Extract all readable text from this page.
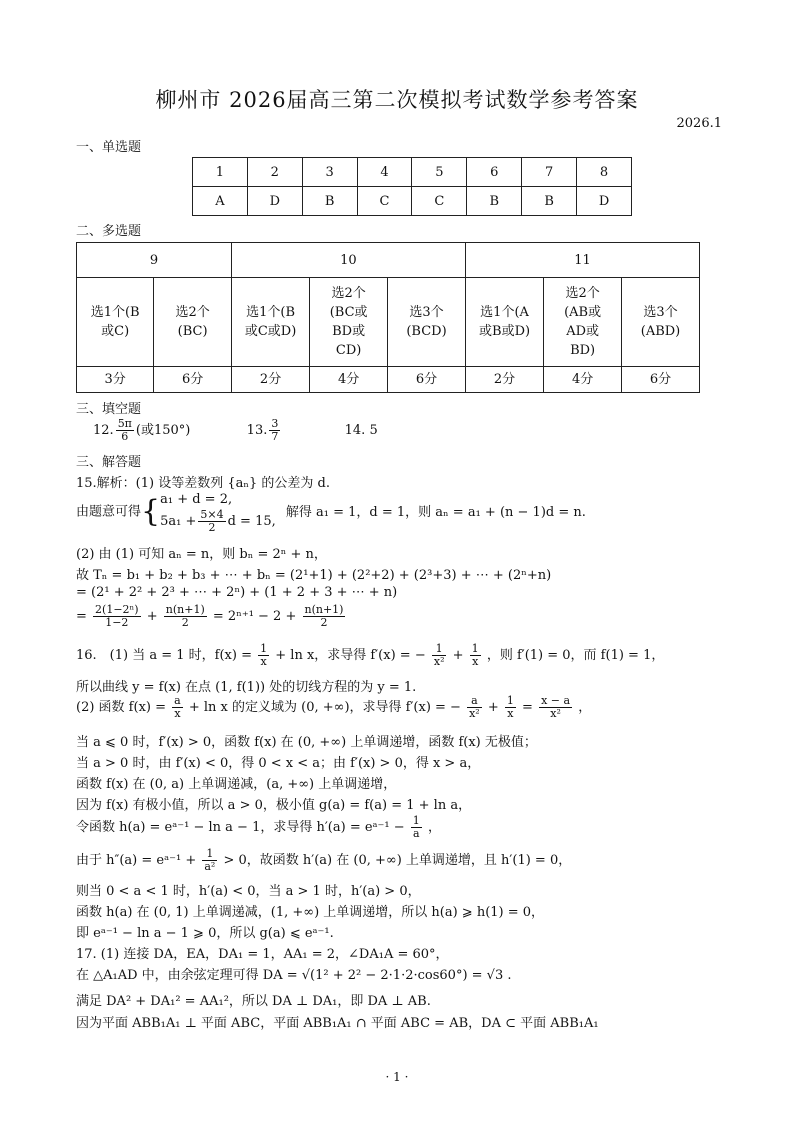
柳州市 2026届高三第二次模拟考试数学参考答案
2026.1
一、单选题
1	2	3	4	5	6	7	8
A	D	B	C	C	B	B	D
二、多选题
9		10			11		

选1个(B或C)	选2个(BC)	选1个(B或C或D)	选2个(BC或BD或CD)	选3个(BCD)	选1个(A或B或D)	选2个(AB或AD或BD)	选3个(ABD)

3分	6分	2分	4分	6分	2分	4分	6分
三、填空题
12. $\frac{5\pi}{6}$ (或150°)	13. $\frac{3}{7}$	14. 5
三、解答题
15.解析：(1) 设等差数列 {aₙ} 的公差为 d.
由题意可得{ a₁ + d = 2,
$5a_1 + \frac{5\times 4}{2}$ d = 15,
解得 a₁ = 1，d = 1，则 aₙ = a₁ + (n − 1)d = n.
(2) 由 (1) 可知 aₙ = n，则 bₙ = 2ⁿ + n，
故 Tₙ = b₁ + b₂ + b₃ + ⋯ + bₙ = (2¹+1) + (2²+2) + (2³+3) + ⋯ + (2ⁿ+n)
= (2¹ + 2² + 2³ + ⋯ + 2ⁿ) + (1 + 2 + 3 + ⋯ + n)
= $\frac{\text{2(1−2ⁿ)}}{1-2} + \frac{n(n+1)}{2} = 2^{n+1} - 2 + \frac{n(n+1)}{2}$
16.　(1) 当 a = 1 时，$f(x) = \frac{1}{x} + \ln x$，求导得 f′(x) = − $\frac{1}{\text{x²}} + \frac{1}{x}$ ，则 f′(1) = 0，而 f(1) = 1，
所以曲线 y = f(x) 在点 (1, f(1)) 处的切线方程的为 y = 1.
(2) 函数 $f(x) = \frac{a}{x} + \ln x$ 的定义域为 (0, +∞)，求导得 f′(x) = − $\frac{a}{\text{x²}} + \frac{1}{x} = \frac{x - a}{\text{x²}}$ ，
当 a ⩽ 0 时，f′(x) > 0，函数 f(x) 在 (0, +∞) 上单调递增，函数 f(x) 无极值；
当 a > 0 时，由 f′(x) < 0，得 0 < x < a；由 f′(x) > 0，得 x > a，
函数 f(x) 在 (0, a) 上单调递减，(a, +∞) 上单调递增，
因为 f(x) 有极小值，所以 a > 0，极小值 g(a) = f(a) = 1 + ln a，
令函数 h(a) = eᵃ⁻¹ − ln a − 1，求导得 h′(a) = eᵃ⁻¹ − $\frac{1}{a}$ ，
由于 h″(a) = eᵃ⁻¹ + $\frac{1}{\text{a²}} > 0$，故函数 h′(a) 在 (0, +∞) 上单调递增，且 h′(1) = 0，
则当 0 < a < 1 时，h′(a) < 0，当 a > 1 时，h′(a) > 0，
函数 h(a) 在 (0, 1) 上单调递减，(1, +∞) 上单调递增，所以 h(a) ⩾ h(1) = 0，
即 eᵃ⁻¹ − ln a − 1 ⩾ 0，所以 g(a) ⩽ eᵃ⁻¹.
17. (1) 连接 DA，EA，DA₁ = 1，AA₁ = 2，∠DA₁A = 60°，
在 △A₁AD 中，由余弦定理可得 DA = √(1² + 2² − 2·1·2·cos60°) = √3 .
满足 DA² + DA₁² = AA₁²，所以 DA ⊥ DA₁，即 DA ⊥ AB.
因为平面 ABB₁A₁ ⊥ 平面 ABC，平面 ABB₁A₁ ∩ 平面 ABC = AB，DA ⊂ 平面 ABB₁A₁
· 1 ·
